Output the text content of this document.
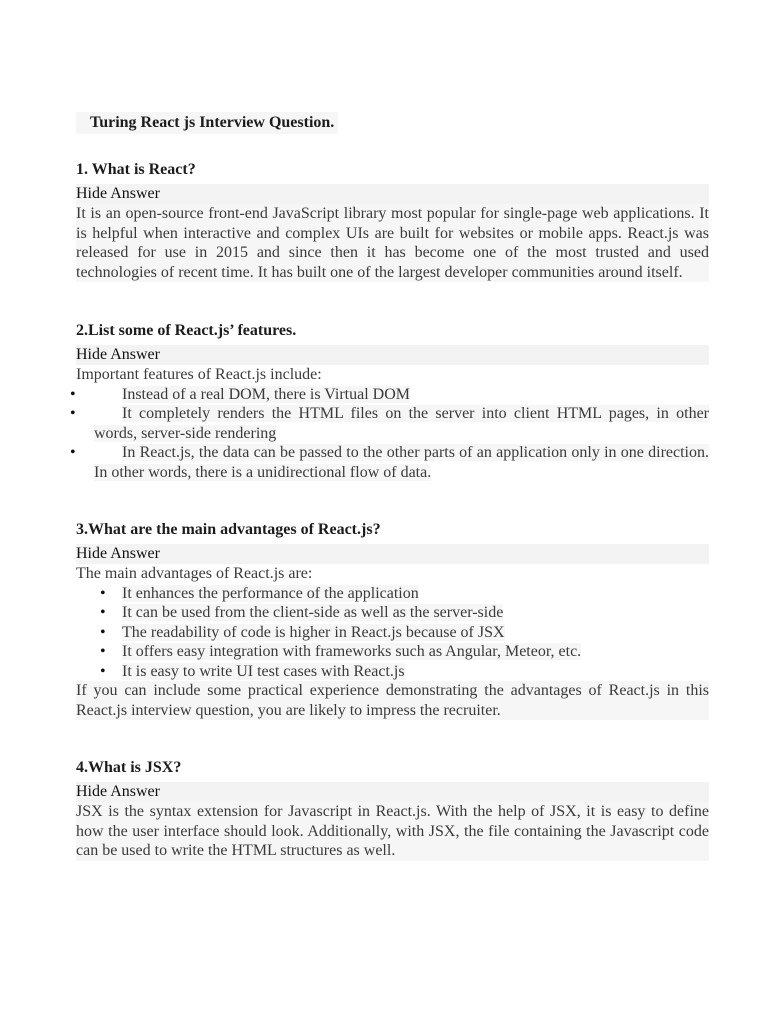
Turing React js Interview Question.
1. What is React?
Hide Answer
It is an open-source front-end JavaScript library most popular for single-page web applications. It is helpful when interactive and complex UIs are built for websites or mobile apps. React.js was released for use in 2015 and since then it has become one of the most trusted and used technologies of recent time. It has built one of the largest developer communities around itself.
2.List some of React.js’ features.
Hide Answer
Important features of React.js include:
• Instead of a real DOM, there is Virtual DOM
• It completely renders the HTML files on the server into client HTML pages, in other words, server-side rendering
• In React.js, the data can be passed to the other parts of an application only in one direction. In other words, there is a unidirectional flow of data.
3.What are the main advantages of React.js?
Hide Answer
The main advantages of React.js are:
• It enhances the performance of the application
• It can be used from the client-side as well as the server-side
• The readability of code is higher in React.js because of JSX
• It offers easy integration with frameworks such as Angular, Meteor, etc.
• It is easy to write UI test cases with React.js
If you can include some practical experience demonstrating the advantages of React.js in this React.js interview question, you are likely to impress the recruiter.
4.What is JSX?
Hide Answer
JSX is the syntax extension for Javascript in React.js. With the help of JSX, it is easy to define how the user interface should look. Additionally, with JSX, the file containing the Javascript code can be used to write the HTML structures as well.
